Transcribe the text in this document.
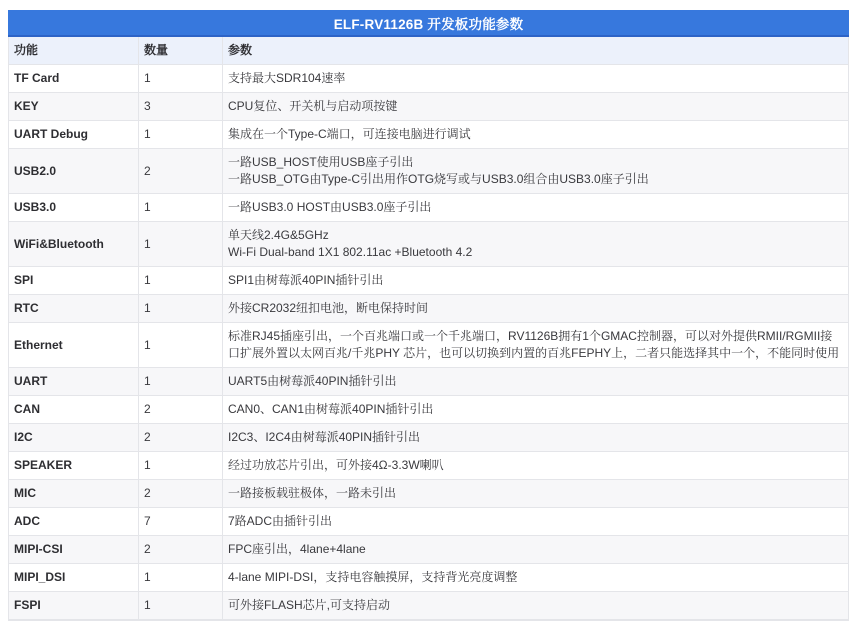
ELF-RV1126B 开发板功能参数
功能	数量	参数
TF Card	1	支持最大SDR104速率
KEY	3	CPU复位、开关机与启动项按键
UART Debug	1	集成在一个Type-C端口，可连接电脑进行调试
USB2.0	2
一路USB_HOST使用USB座子引出
一路USB_OTG由Type-C引出用作OTG烧写或与USB3.0组合由USB3.0座子引出
USB3.0	1	一路USB3.0 HOST由USB3.0座子引出
WiFi&Bluetooth	1
单天线2.4G&5GHz
Wi-Fi Dual-band 1X1 802.11ac +Bluetooth 4.2
SPI	1	SPI1由树莓派40PIN插针引出
RTC	1	外接CR2032纽扣电池，断电保持时间
Ethernet	1
标准RJ45插座引出，一个百兆端口或一个千兆端口，RV1126B拥有1个GMAC控制器，可以对外提供RMII/RGMII接口扩展外置以太网百兆/千兆PHY 芯片，也可以切换到内置的百兆FEPHY上，二者只能选择其中一个，不能同时使用
UART	1	UART5由树莓派40PIN插针引出
CAN	2	CAN0、CAN1由树莓派40PIN插针引出
I2C	2	I2C3、I2C4由树莓派40PIN插针引出
SPEAKER	1	经过功放芯片引出，可外接4Ω-3.3W喇叭
MIC	2	一路接板载驻极体，一路未引出
ADC	7	7路ADC由插针引出
MIPI-CSI	2	FPC座引出，4lane+4lane
MIPI_DSI	1	4-lane MIPI-DSI，支持电容触摸屏，支持背光亮度调整
FSPI	1	可外接FLASH芯片,可支持启动
